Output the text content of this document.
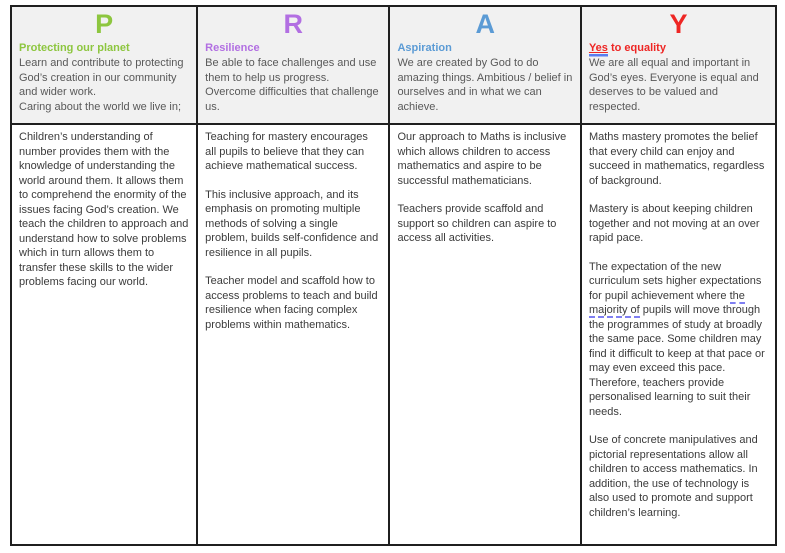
P
Protecting our planet
Learn and contribute to protecting God’s creation in our community and wider work.
Caring about the world we live in;
R
Resilience
Be able to face challenges and use them to help us progress. Overcome difficulties that challenge us.
A
Aspiration
We are created by God to do amazing things. Ambitious / belief in ourselves and in what we can achieve.
Y
Yes to equality
We are all equal and important in God’s eyes. Everyone is equal and deserves to be valued and respected.

Children’s understanding of number provides them with the knowledge of understanding the world around them. It allows them to comprehend the enormity of the issues facing God’s creation. We teach the children to approach and understand how to solve problems which in turn allows them to transfer these skills to the wider problems facing our world.

Teaching for mastery encourages all pupils to believe that they can achieve mathematical success.

This inclusive approach, and its emphasis on promoting multiple methods of solving a single problem, builds self-confidence and resilience in all pupils.

Teacher model and scaffold how to access problems to teach and build resilience when facing complex problems within mathematics.

Our approach to Maths is inclusive which allows children to access mathematics and aspire to be successful mathematicians.

Teachers provide scaffold and support so children can aspire to access all activities.

Maths mastery promotes the belief that every child can enjoy and succeed in mathematics, regardless of background.

Mastery is about keeping children together and not moving at an over rapid pace.

The expectation of the new curriculum sets higher expectations for pupil achievement where the majority of pupils will move through the programmes of study at broadly the same pace. Some children may find it difficult to keep at that pace or may even exceed this pace. Therefore, teachers provide personalised learning to suit their needs.

Use of concrete manipulatives and pictorial representations allow all children to access mathematics. In addition, the use of technology is also used to promote and support children’s learning.
